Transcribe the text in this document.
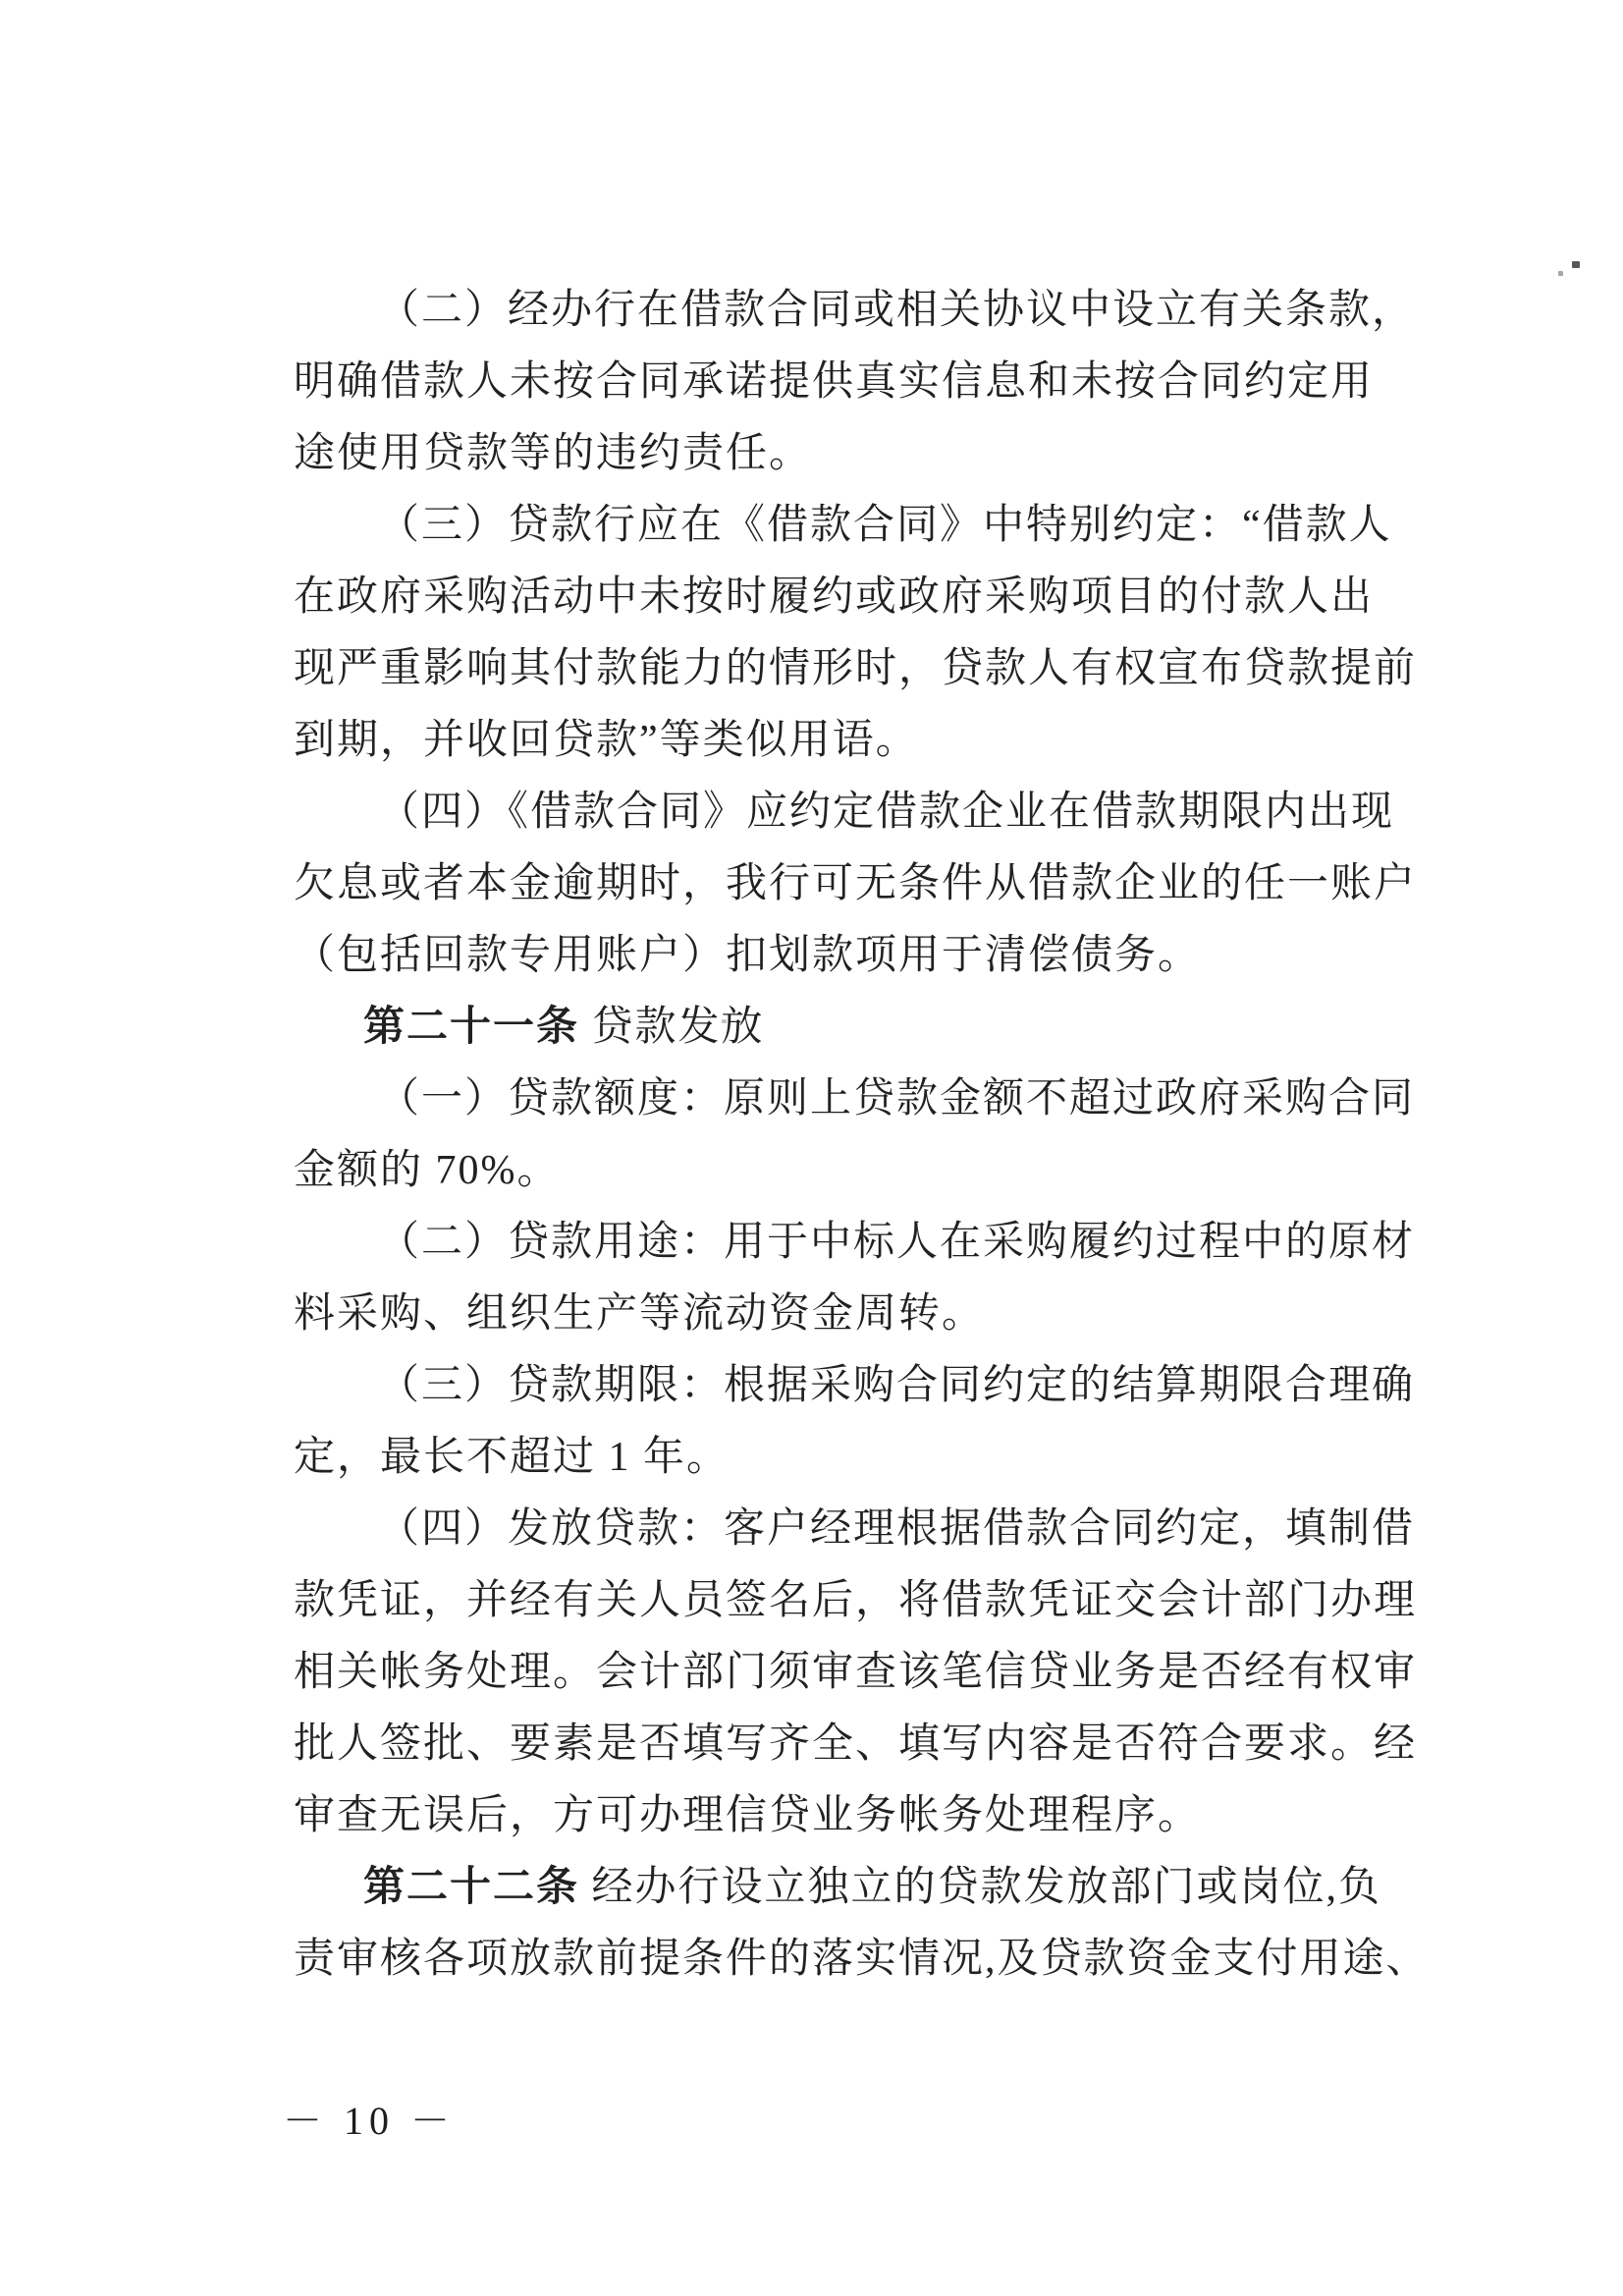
（二）经办行在借款合同或相关协议中设立有关条款，
明确借款人未按合同承诺提供真实信息和未按合同约定用
途使用贷款等的违约责任。
（三）贷款行应在《借款合同》中特别约定：“借款人
在政府采购活动中未按时履约或政府采购项目的付款人出
现严重影响其付款能力的情形时，贷款人有权宣布贷款提前
到期，并收回贷款”等类似用语。
（四）《借款合同》应约定借款企业在借款期限内出现
欠息或者本金逾期时，我行可无条件从借款企业的任一账户
（包括回款专用账户）扣划款项用于清偿债务。
第二十一条 贷款发放
（一）贷款额度：原则上贷款金额不超过政府采购合同
金额的 70%。
（二）贷款用途：用于中标人在采购履约过程中的原材
料采购、组织生产等流动资金周转。
（三）贷款期限：根据采购合同约定的结算期限合理确
定，最长不超过 1 年。
（四）发放贷款：客户经理根据借款合同约定，填制借
款凭证，并经有关人员签名后，将借款凭证交会计部门办理
相关帐务处理。会计部门须审查该笔信贷业务是否经有权审
批人签批、要素是否填写齐全、填写内容是否符合要求。经
审查无误后，方可办理信贷业务帐务处理程序。
第二十二条 经办行设立独立的贷款发放部门或岗位,负
责审核各项放款前提条件的落实情况,及贷款资金支付用途、
－ 10 －
